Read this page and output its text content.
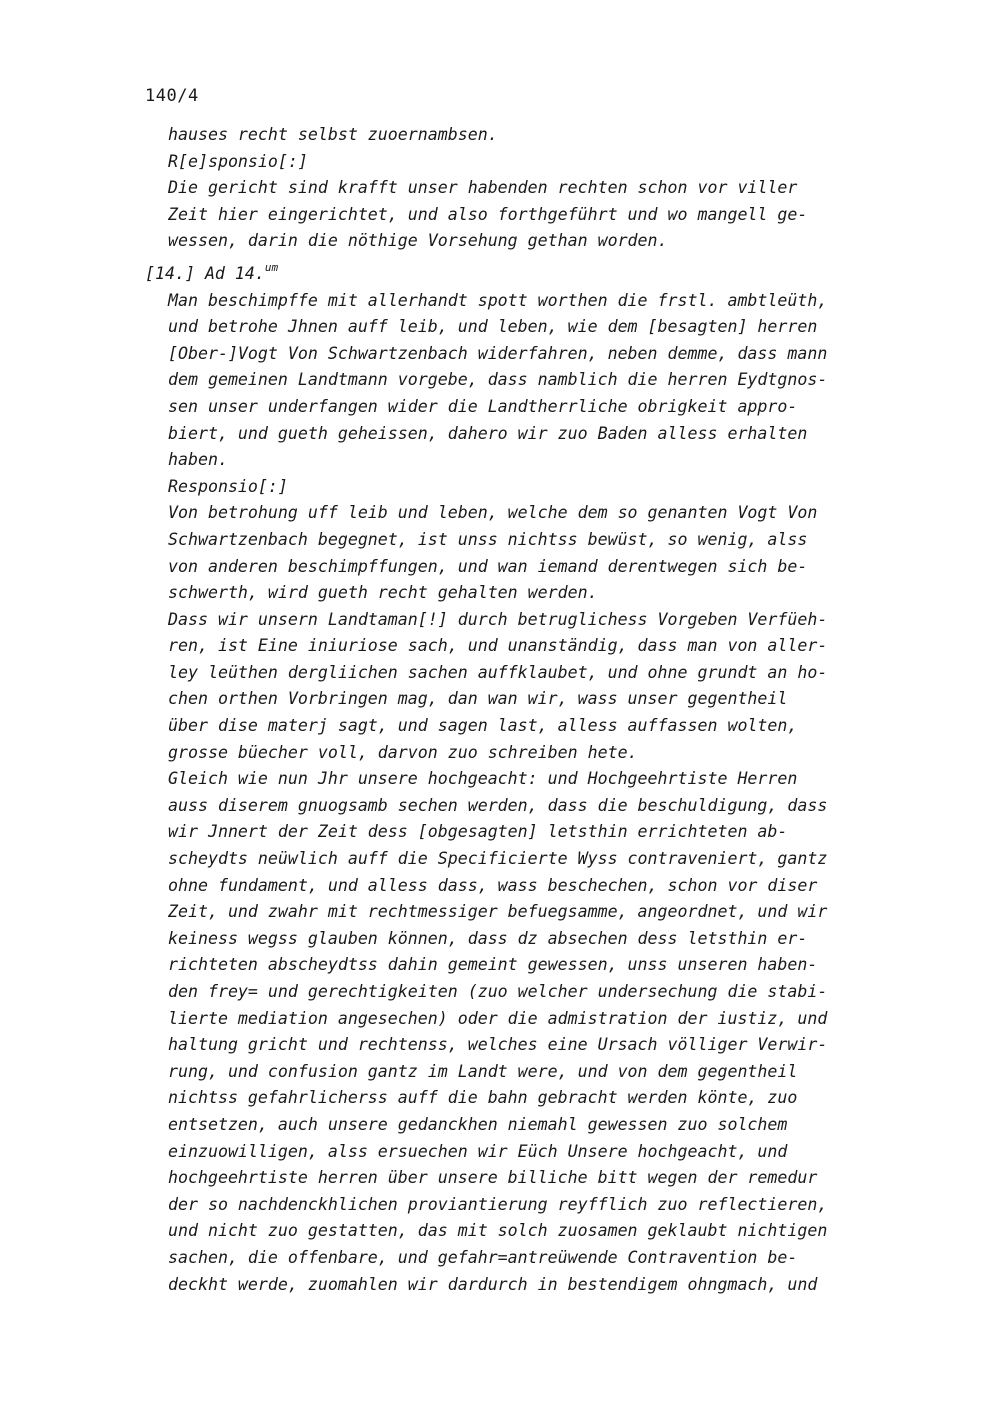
140/4
hauses recht selbst zuoernambsen.
R[e]sponsio[:]
Die gericht sind krafft unser habenden rechten schon vor viller
Zeit hier eingerichtet, und also forthgeführt und wo mangell ge-
wessen, darin die nöthige Vorsehung gethan worden.
[14.] Ad 14.$^{um}$
Man beschimpffe mit allerhandt spott worthen die frstl. ambtleüth,
und betrohe Jhnen auff leib, und leben, wie dem [besagten] herren
[Ober-]Vogt Von Schwartzenbach widerfahren, neben demme, dass mann
dem gemeinen Landtmann vorgebe, dass namblich die herren Eydtgnos-
sen unser underfangen wider die Landtherrliche obrigkeit appro-
biert, und gueth geheissen, dahero wir zuo Baden alless erhalten
haben.
Responsio[:]
Von betrohung uff leib und leben, welche dem so genanten Vogt Von
Schwartzenbach begegnet, ist unss nichtss bewüst, so wenig, alss
von anderen beschimpffungen, und wan iemand derentwegen sich be-
schwerth, wird gueth recht gehalten werden.
Dass wir unsern Landtaman[!] durch betruglichess Vorgeben Verfüeh-
ren, ist Eine iniuriose sach, und unanständig, dass man von aller-
ley leüthen dergliichen sachen auffklaubet, und ohne grundt an ho-
chen orthen Vorbringen mag, dan wan wir, wass unser gegentheil
über dise materj sagt, und sagen last, alless auffassen wolten,
grosse büecher voll, darvon zuo schreiben hete.
Gleich wie nun Jhr unsere hochgeacht: und Hochgeehrtiste Herren
auss diserem gnuogsamb sechen werden, dass die beschuldigung, dass
wir Jnnert der Zeit dess [obgesagten] letsthin errichteten ab-
scheydts neüwlich auff die Specificierte Wyss contraveniert, gantz
ohne fundament, und alless dass, wass beschechen, schon vor diser
Zeit, und zwahr mit rechtmessiger befuegsamme, angeordnet, und wir
keiness wegss glauben können, dass dz absechen dess letsthin er-
richteten abscheydtss dahin gemeint gewessen, unss unseren haben-
den frey= und gerechtigkeiten (zuo welcher undersechung die stabi-
lierte mediation angesechen) oder die admistration der iustiz, und
haltung gricht und rechtenss, welches eine Ursach völliger Verwir-
rung, und confusion gantz im Landt were, und von dem gegentheil
nichtss gefahrlicherss auff die bahn gebracht werden könte, zuo
entsetzen, auch unsere gedanckhen niemahl gewessen zuo solchem
einzuowilligen, alss ersuechen wir Eüch Unsere hochgeacht, und
hochgeehrtiste herren über unsere billiche bitt wegen der remedur
der so nachdenckhlichen proviantierung reyfflich zuo reflectieren,
und nicht zuo gestatten, das mit solch zuosamen geklaubt nichtigen
sachen, die offenbare, und gefahr=antreüwende Contravention be-
deckht werde, zuomahlen wir dardurch in bestendigem ohngmach, und
